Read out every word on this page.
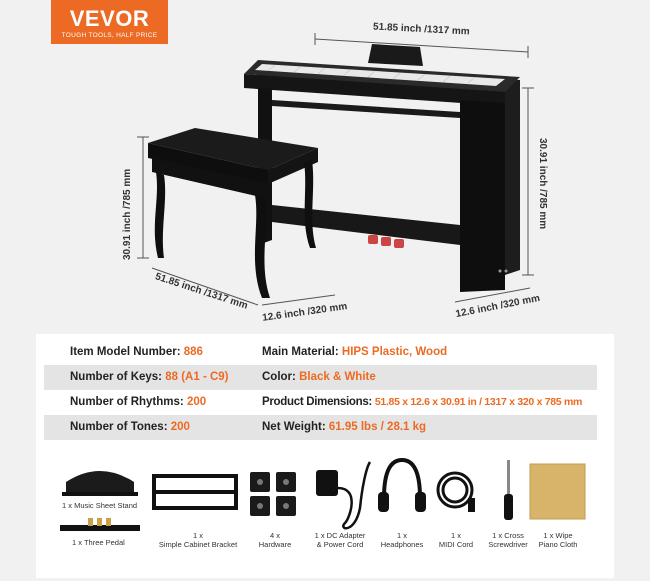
VEVOR
TOUGH TOOLS, HALF PRICE	51.85 inch /1317 mm
30.91 inch /785 mm
12.6 inch /320 mm
30.91 inch /785 mm
51.85 inch /1317 mm
12.6 inch /320 mm
Item Model Number: 886	Main Material: HIPS Plastic, Wood
Number of Keys: 88 (A1 - C9)	Color: Black & White
Number of Rhythms: 200	Product Dimensions: 51.85 x 12.6 x 30.91 in / 1317 x 320 x 785 mm
Number of Tones: 200	Net Weight: 61.95 lbs / 28.1 kg
1 x Music Sheet Stand
1 x Three Pedal
1 x
Simple Cabinet Bracket
4 x
Hardware
1 x DC Adapter
& Power Cord
1 x
Headphones
1 x
MIDI Cord
1 x Cross
Screwdriver
1 x Wipe
Piano Cloth
